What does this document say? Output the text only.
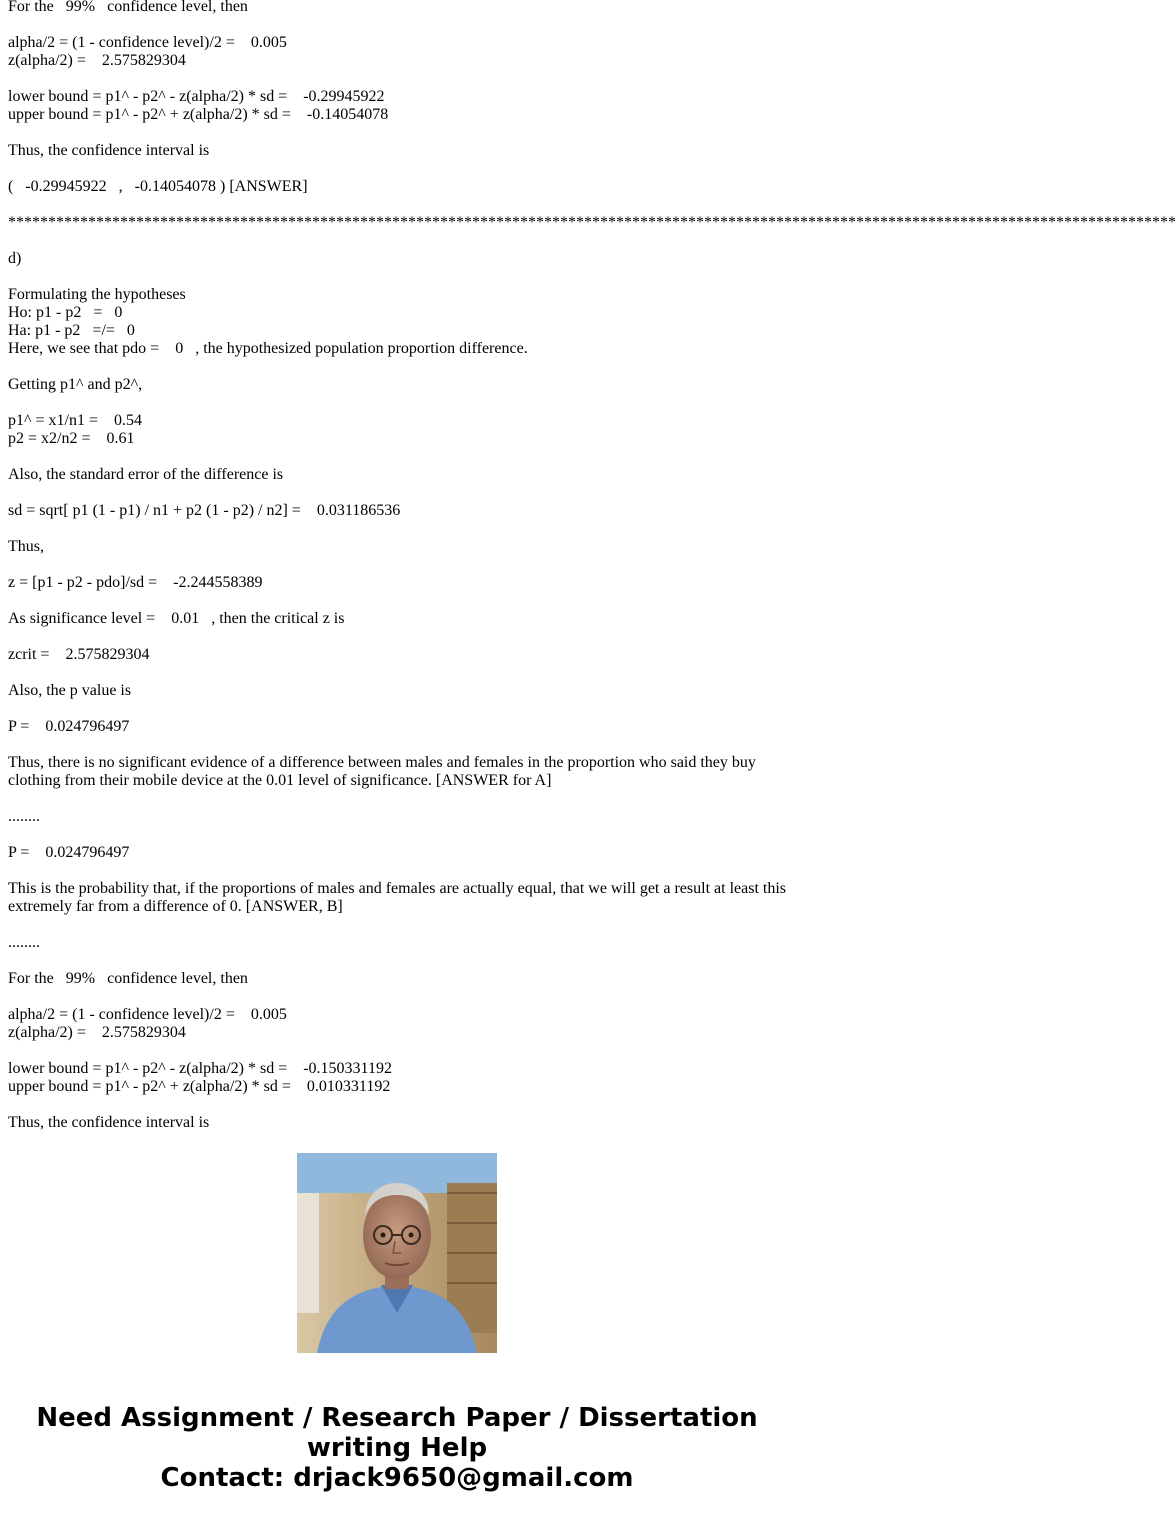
For the   99%   confidence level, then
alpha/2 = (1 - confidence level)/2 =    0.005
z(alpha/2) =    2.575829304
lower bound = p1^ - p2^ - z(alpha/2) * sd =    -0.29945922
upper bound = p1^ - p2^ + z(alpha/2) * sd =    -0.14054078
Thus, the confidence interval is
(   -0.29945922   ,   -0.14054078 ) [ANSWER]
**************************************************************************************************************************************************
d)
Formulating the hypotheses
Ho: p1 - p2   =   0
Ha: p1 - p2   =/=   0
Here, we see that pdo =    0   , the hypothesized population proportion difference.
Getting p1^ and p2^,
p1^ = x1/n1 =    0.54
p2 = x2/n2 =    0.61
Also, the standard error of the difference is
sd = sqrt[ p1 (1 - p1) / n1 + p2 (1 - p2) / n2] =    0.031186536
Thus,
z = [p1 - p2 - pdo]/sd =    -2.244558389
As significance level =    0.01   , then the critical z is
zcrit =    2.575829304
Also, the p value is
P =    0.024796497
Thus, there is no significant evidence of a difference between males and females in the proportion who said they buy clothing from their mobile device at the 0.01 level of significance. [ANSWER for A]
........
P =    0.024796497
This is the probability that, if the proportions of males and females are actually equal, that we will get a result at least this extremely far from a difference of 0. [ANSWER, B]
........
For the   99%   confidence level, then
alpha/2 = (1 - confidence level)/2 =    0.005
z(alpha/2) =    2.575829304
lower bound = p1^ - p2^ - z(alpha/2) * sd =    -0.150331192
upper bound = p1^ - p2^ + z(alpha/2) * sd =    0.010331192
Thus, the confidence interval is
Need Assignment / Research Paper / Dissertation
writing Help
Contact: drjack9650@gmail.com
